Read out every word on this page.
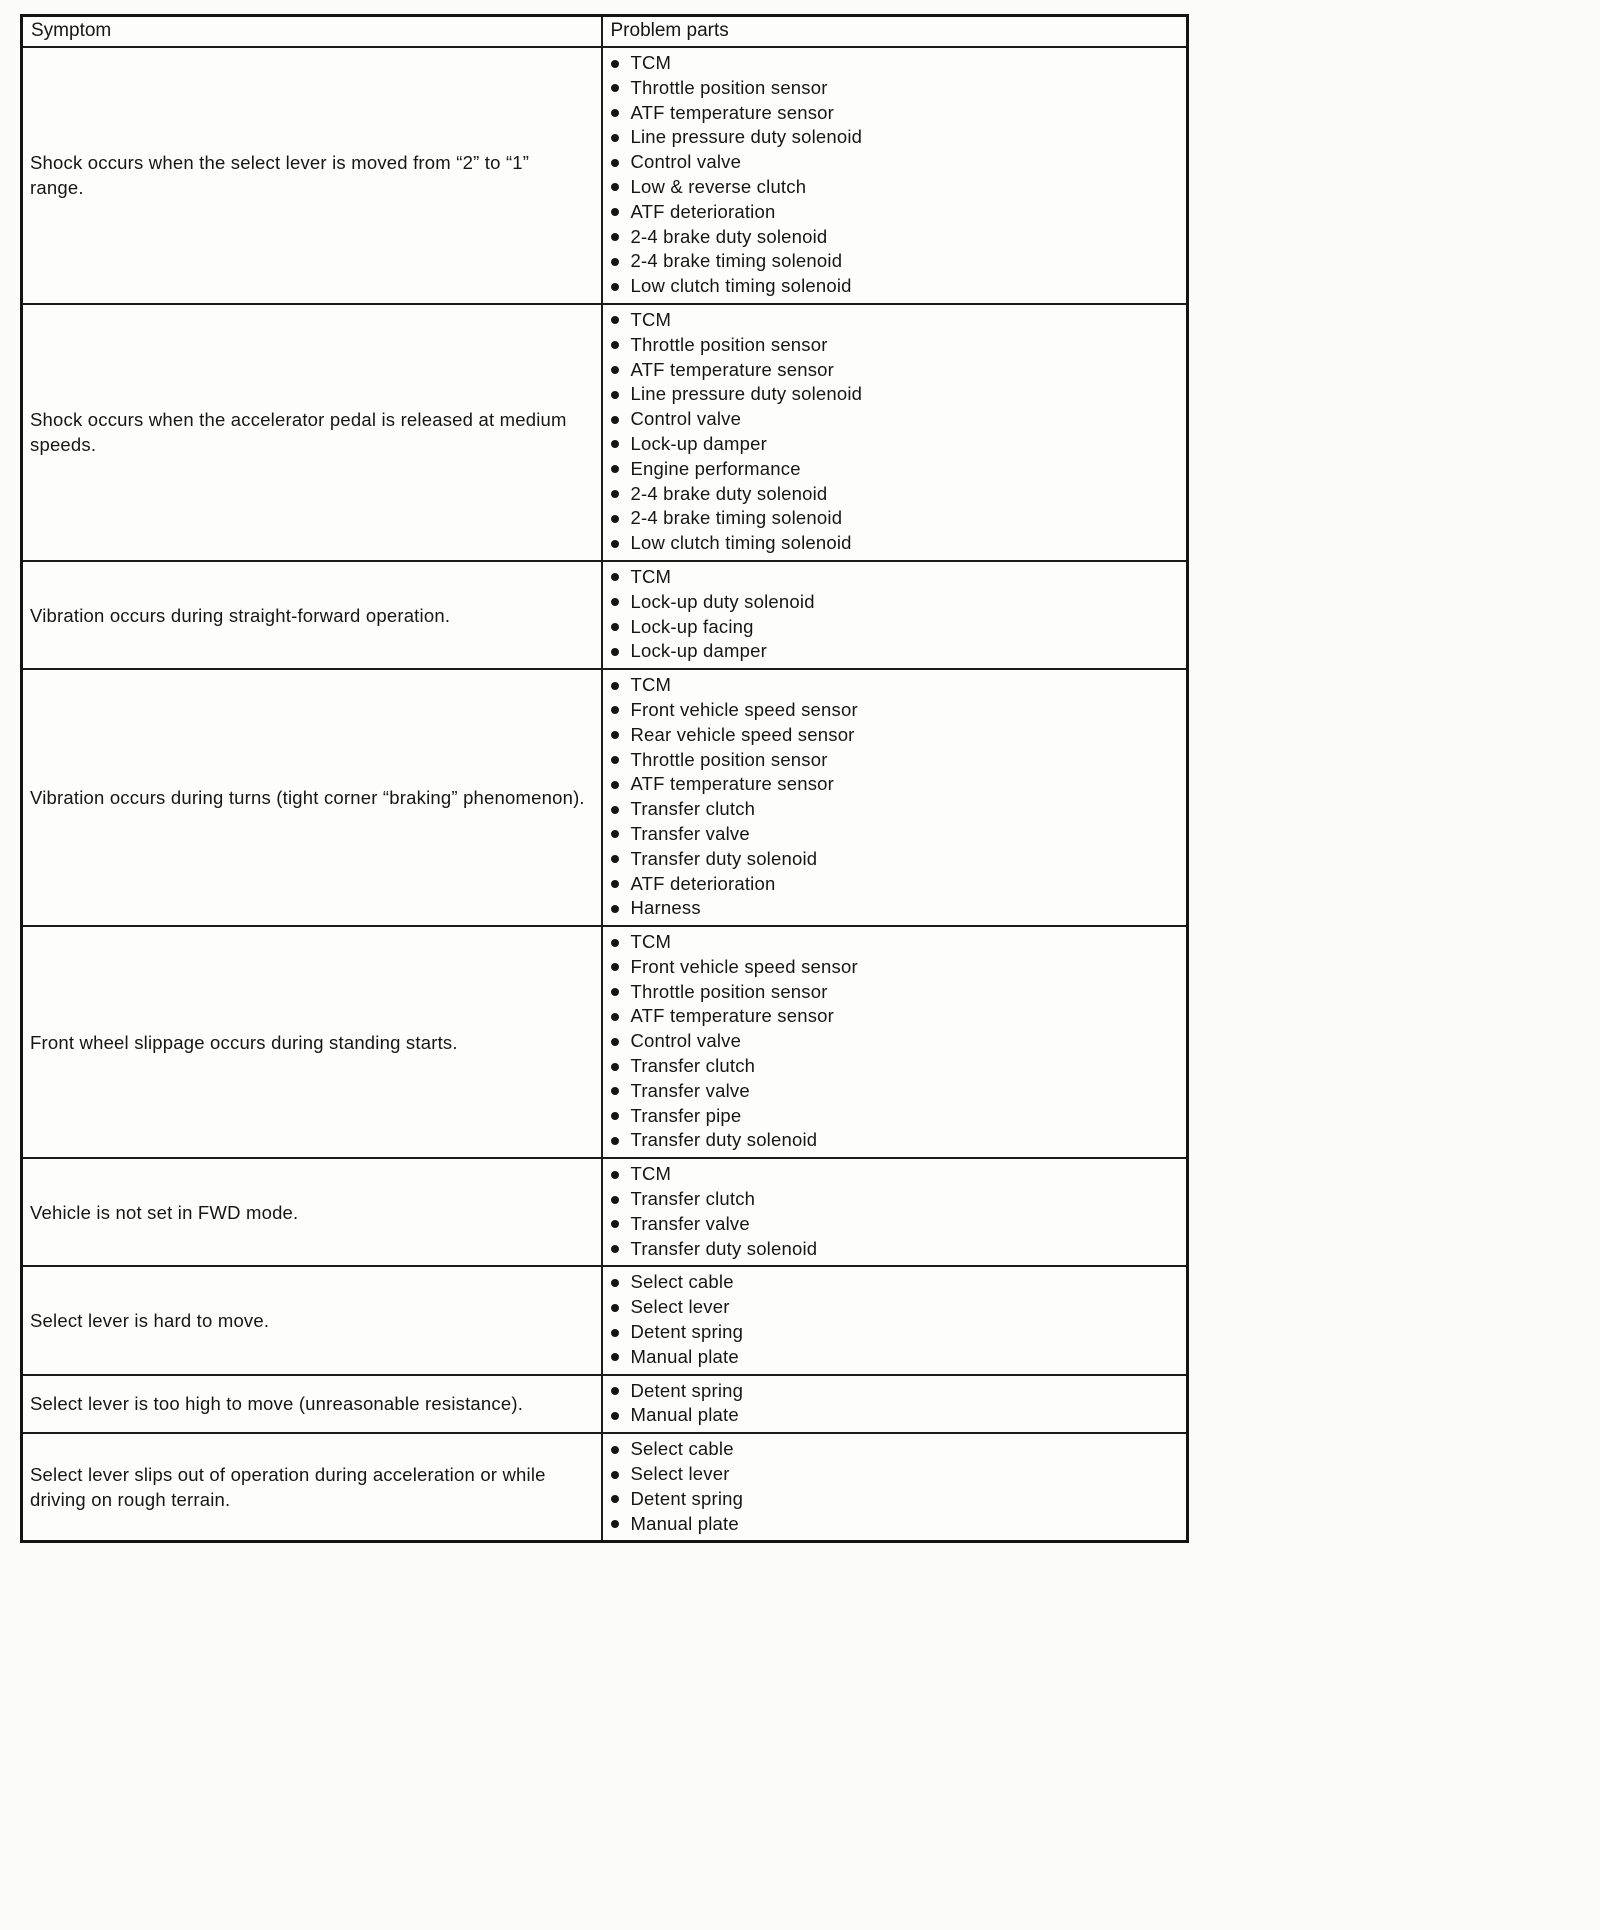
Symptom	Problem parts
Shock occurs when the select lever is moved from “2” to “1” range.	
TCM
Throttle position sensor
ATF temperature sensor
Line pressure duty solenoid
Control valve
Low & reverse clutch
ATF deterioration
2-4 brake duty solenoid
2-4 brake timing solenoid
Low clutch timing solenoid

Shock occurs when the accelerator pedal is released at medium speeds.	
TCM
Throttle position sensor
ATF temperature sensor
Line pressure duty solenoid
Control valve
Lock-up damper
Engine performance
2-4 brake duty solenoid
2-4 brake timing solenoid
Low clutch timing solenoid

Vibration occurs during straight-forward operation.	
TCM
Lock-up duty solenoid
Lock-up facing
Lock-up damper

Vibration occurs during turns (tight corner “braking” phenomenon).	
TCM
Front vehicle speed sensor
Rear vehicle speed sensor
Throttle position sensor
ATF temperature sensor
Transfer clutch
Transfer valve
Transfer duty solenoid
ATF deterioration
Harness

Front wheel slippage occurs during standing starts.	
TCM
Front vehicle speed sensor
Throttle position sensor
ATF temperature sensor
Control valve
Transfer clutch
Transfer valve
Transfer pipe
Transfer duty solenoid

Vehicle is not set in FWD mode.	
TCM
Transfer clutch
Transfer valve
Transfer duty solenoid

Select lever is hard to move.	
Select cable
Select lever
Detent spring
Manual plate

Select lever is too high to move (unreasonable resistance).	
Detent spring
Manual plate

Select lever slips out of operation during acceleration or while driving on rough terrain.	
Select cable
Select lever
Detent spring
Manual plate
